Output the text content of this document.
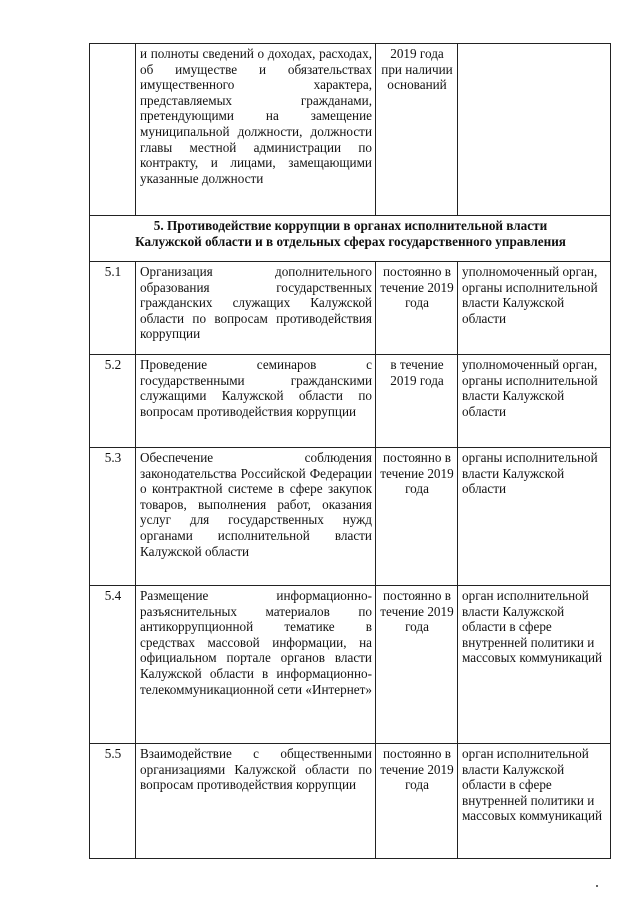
	и полноты сведений о доходах, расходах, об имуществе и обязательствах имущественного характера, представляемых гражданами, претендующими на замещение муниципальной должности, должности главы местной администрации по контракту, и лицами, замещающими указанные должности	2019 года при наличии оснований	

5. Противодействие коррупции в органах исполнительной власти
Калужской области и в отдельных сферах государственного управления			

5.1	Организация дополнительного образования государственных гражданских служащих Калужской области по вопросам противодействия коррупции	постоянно в течение 2019 года	уполномоченный орган, органы исполнительной власти Калужской области
5.2	Проведение семинаров с государственными гражданскими служащими Калужской области по вопросам противодействия коррупции	в течение 2019 года	уполномоченный орган, органы исполнительной власти Калужской области
5.3	Обеспечение соблюдения законодательства Российской Федерации о контрактной системе в сфере закупок товаров, выполнения работ, оказания услуг для государственных нужд органами исполнительной власти Калужской области	постоянно в течение 2019 года	органы исполнительной власти Калужской области
5.4	Размещение информационно-разъяснительных материалов по антикоррупционной тематике в средствах массовой информации, на официальном портале органов власти Калужской области в информационно-телекоммуникационной сети «Интернет»	постоянно в течение 2019 года	орган исполнительной власти Калужской области в сфере внутренней политики и массовых коммуникаций
5.5	Взаимодействие с общественными организациями Калужской области по вопросам противодействия коррупции	постоянно в течение 2019 года	орган исполнительной власти Калужской области в сфере внутренней политики и массовых коммуникаций
